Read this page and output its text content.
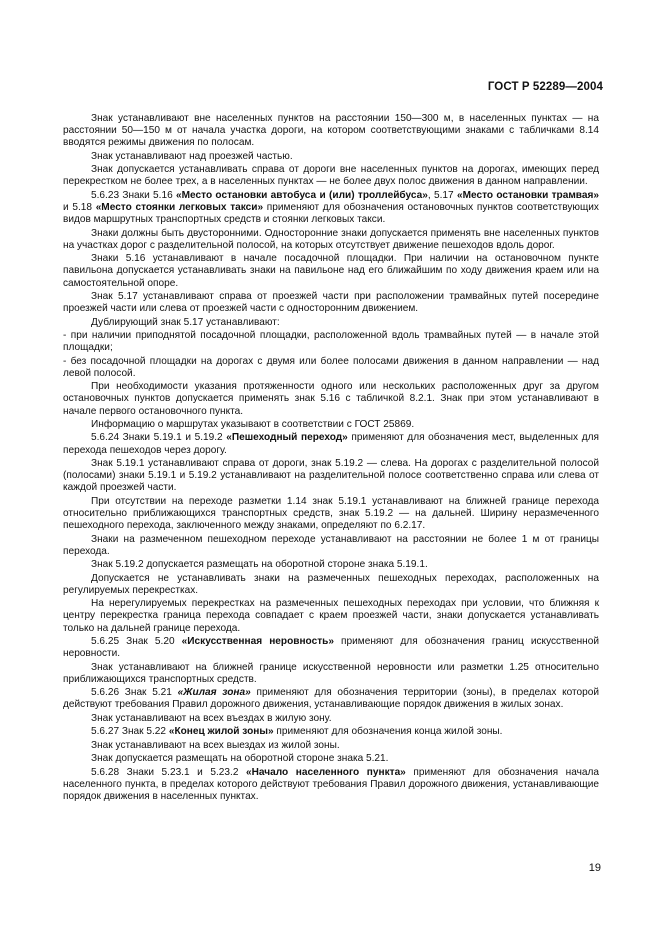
ГОСТ Р 52289—2004

Знак устанавливают вне населенных пунктов на расстоянии 150—300 м, в населенных пунктах — на расстоянии 50—150 м от начала участка дороги, на котором соответствующими знаками с табличками 8.14 вводятся режимы движения по полосам.

Знак устанавливают над проезжей частью.

Знак допускается устанавливать справа от дороги вне населенных пунктов на дорогах, имеющих перед перекрестком не более трех, а в населенных пунктах — не более двух полос движения в данном направлении.

5.6.23 Знаки 5.16 «Место остановки автобуса и (или) троллейбуса», 5.17 «Место остановки трамвая» и 5.18 «Место стоянки легковых такси» применяют для обозначения остановочных пунктов соответствующих видов маршрутных транспортных средств и стоянки легковых такси.

Знаки должны быть двусторонними. Односторонние знаки допускается применять вне населенных пунктов на участках дорог с разделительной полосой, на которых отсутствует движение пешеходов вдоль дорог.

Знаки 5.16 устанавливают в начале посадочной площадки. При наличии на остановочном пункте павильона допускается устанавливать знаки на павильоне над его ближайшим по ходу движения краем или на самостоятельной опоре.

Знак 5.17 устанавливают справа от проезжей части при расположении трамвайных путей посередине проезжей части или слева от проезжей части с односторонним движением.

Дублирующий знак 5.17 устанавливают:

- при наличии приподнятой посадочной площадки, расположенной вдоль трамвайных путей — в начале этой площадки;

- без посадочной площадки на дорогах с двумя или более полосами движения в данном направлении — над левой полосой.

При необходимости указания протяженности одного или нескольких расположенных друг за другом остановочных пунктов допускается применять знак 5.16 с табличкой 8.2.1. Знак при этом устанавливают в начале первого остановочного пункта.

Информацию о маршрутах указывают в соответствии с ГОСТ 25869.

5.6.24 Знаки 5.19.1 и 5.19.2 «Пешеходный переход» применяют для обозначения мест, выделенных для перехода пешеходов через дорогу.

Знак 5.19.1 устанавливают справа от дороги, знак 5.19.2 — слева. На дорогах с разделительной полосой (полосами) знаки 5.19.1 и 5.19.2 устанавливают на разделительной полосе соответственно справа или слева от каждой проезжей части.

При отсутствии на переходе разметки 1.14 знак 5.19.1 устанавливают на ближней границе перехода относительно приближающихся транспортных средств, знак 5.19.2 — на дальней. Ширину неразмеченного пешеходного перехода, заключенного между знаками, определяют по 6.2.17.

Знаки на размеченном пешеходном переходе устанавливают на расстоянии не более 1 м от границы перехода.

Знак 5.19.2 допускается размещать на оборотной стороне знака 5.19.1.

Допускается не устанавливать знаки на размеченных пешеходных переходах, расположенных на регулируемых перекрестках.

На нерегулируемых перекрестках на размеченных пешеходных переходах при условии, что ближняя к центру перекрестка граница перехода совпадает с краем проезжей части, знаки допускается устанавливать только на дальней границе перехода.

5.6.25 Знак 5.20 «Искусственная неровность» применяют для обозначения границ искусственной неровности.

Знак устанавливают на ближней границе искусственной неровности или разметки 1.25 относительно приближающихся транспортных средств.

5.6.26 Знак 5.21 «Жилая зона» применяют для обозначения территории (зоны), в пределах которой действуют требования Правил дорожного движения, устанавливающие порядок движения в жилых зонах.

Знак устанавливают на всех въездах в жилую зону.

5.6.27 Знак 5.22 «Конец жилой зоны» применяют для обозначения конца жилой зоны.

Знак устанавливают на всех выездах из жилой зоны.

Знак допускается размещать на оборотной стороне знака 5.21.

5.6.28 Знаки 5.23.1 и 5.23.2 «Начало населенного пункта» применяют для обозначения начала населенного пункта, в пределах которого действуют требования Правил дорожного движения, устанавливающие порядок движения в населенных пунктах.

19
